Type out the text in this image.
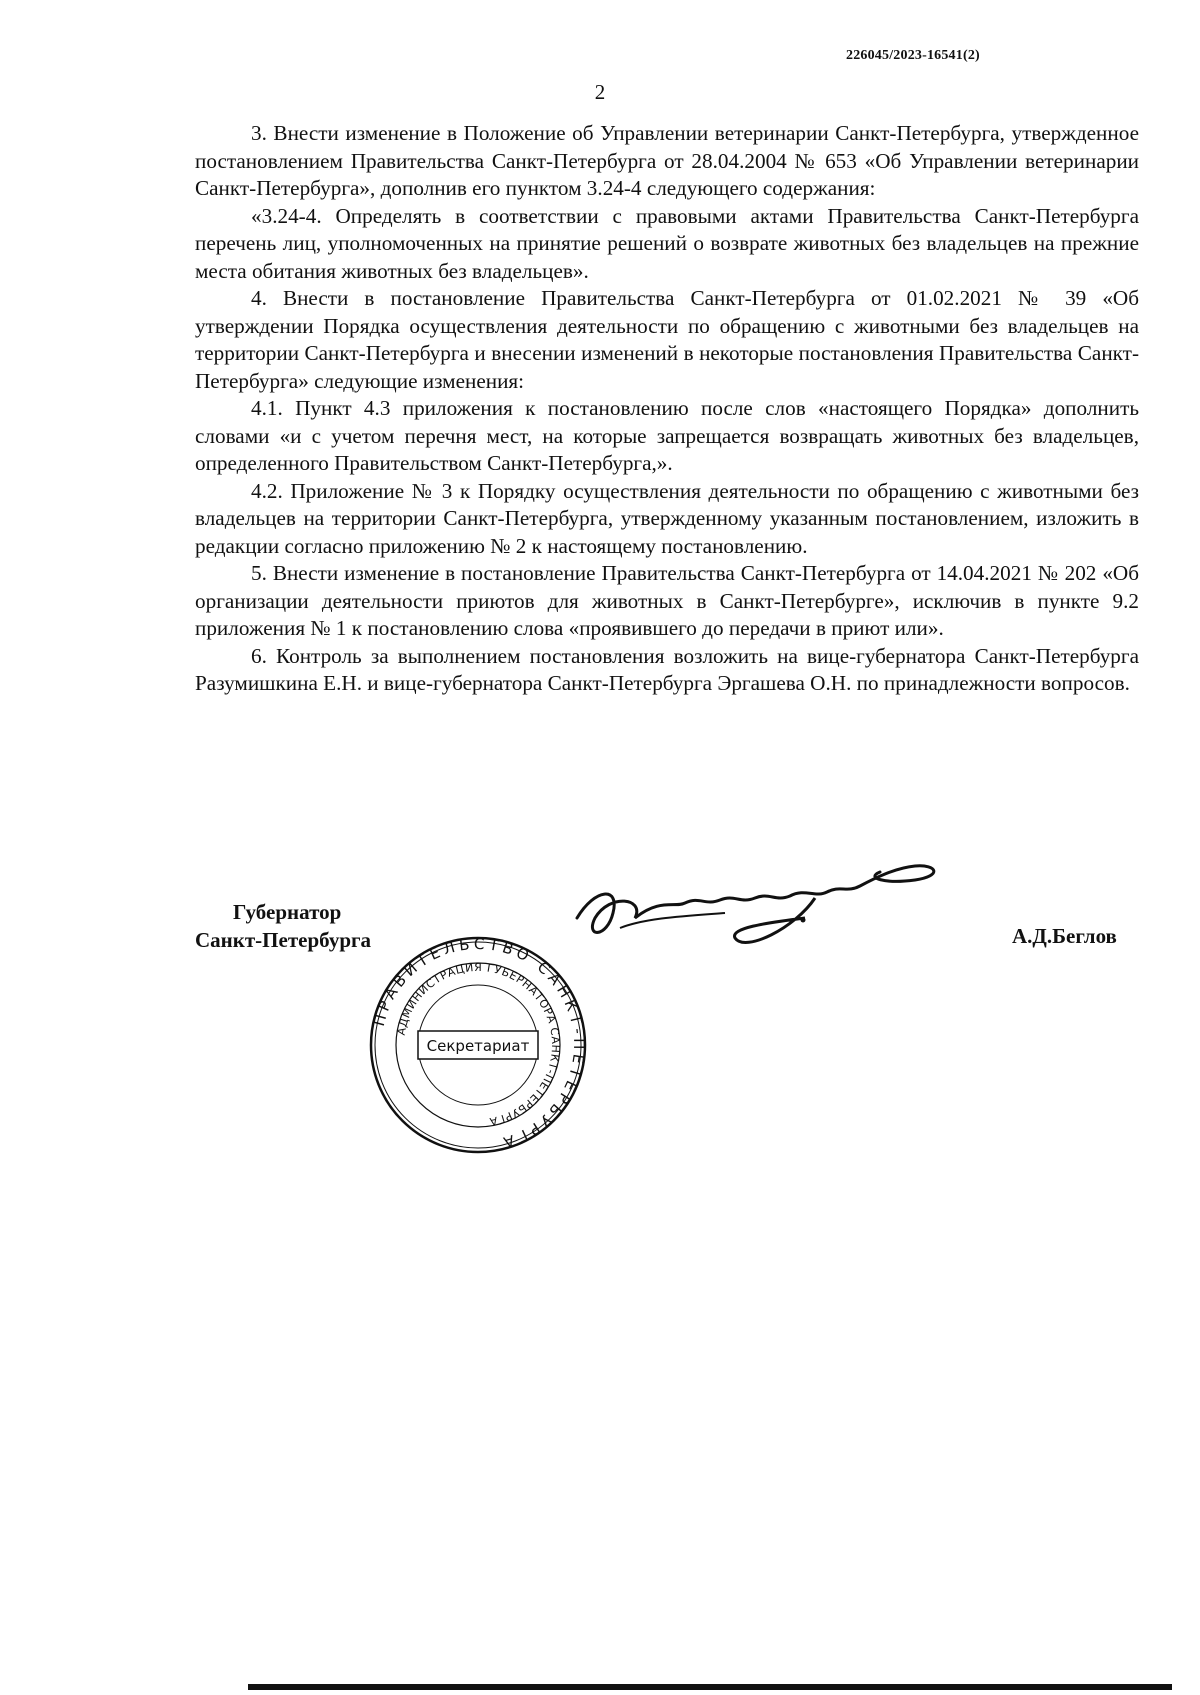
226045/2023-16541(2)
2

3. Внести изменение в Положение об Управлении ветеринарии Санкт-Петербурга, утвержденное постановлением Правительства Санкт-Петербурга от 28.04.2004 № 653 «Об Управлении ветеринарии Санкт-Петербурга», дополнив его пунктом 3.24-4 следующего содержания:

«3.24-4. Определять в соответствии с правовыми актами Правительства Санкт-Петербурга перечень лиц, уполномоченных на принятие решений о возврате животных без владельцев на прежние места обитания животных без владельцев».

4. Внести в постановление Правительства Санкт-Петербурга от 01.02.2021 № 39 «Об утверждении Порядка осуществления деятельности по обращению с животными без владельцев на территории Санкт-Петербурга и внесении изменений в некоторые постановления Правительства Санкт-Петербурга» следующие изменения:

4.1. Пункт 4.3 приложения к постановлению после слов «настоящего Порядка» дополнить словами «и с учетом перечня мест, на которые запрещается возвращать животных без владельцев, определенного Правительством Санкт-Петербурга,».

4.2. Приложение № 3 к Порядку осуществления деятельности по обращению с животными без владельцев на территории Санкт-Петербурга, утвержденному указанным постановлением, изложить в редакции согласно приложению № 2 к настоящему постановлению.

5. Внести изменение в постановление Правительства Санкт-Петербурга от 14.04.2021 № 202 «Об организации деятельности приютов для животных в Санкт-Петербурге», исключив в пункте 9.2 приложения № 1 к постановлению слова «проявившего до передачи в приют или».

6. Контроль за выполнением постановления возложить на вице-губернатора Санкт-Петербурга Разумишкина Е.Н. и вице-губернатора Санкт-Петербурга Эргашева О.Н. по принадлежности вопросов.

Губернатор
Санкт-Петербурга
ПРАВИТЕЛЬСТВО САНКТ-ПЕТЕРБУРГА
АДМИНИСТРАЦИЯ ГУБЕРНАТОРА САНКТ-ПЕТЕРБУРГА
Секретариат
А.Д.Беглов
